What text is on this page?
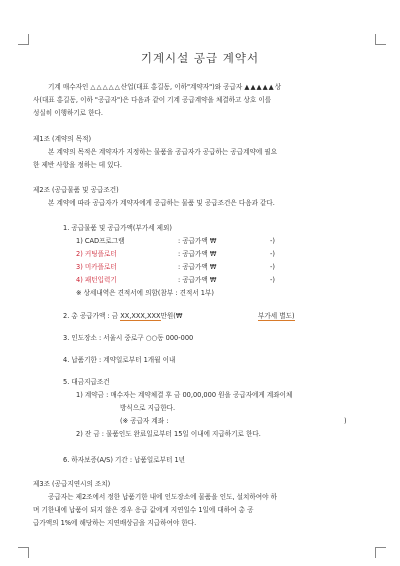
기계시설 공급 계약서
기계 매수자인 △△△△△산업(대표 홍길동, 이하"계약자")와 공급자 ▲▲▲▲▲상
사(대표 홍길동, 이하 "공급자")은 다음과 같이 기계 공급계약을 체결하고 상호 이를
성실히 이행하기로 한다.
제1조 (계약의 목적)
본 계약의 목적은 계약자가 지정하는 물품을 공급자가 공급하는 공급계약에 필요
한 제반 사항을 정하는 데 있다.
제2조 (공급물품 및 공급조건)
본 계약에 따라 공급자가 계약자에게 공급하는 물품 및 공급조건은 다음과 같다.
1. 공급물품 및 공급가액(부가세 제외)
1) CAD프로그램	: 공급가액 ₩	-)
2) 커팅플로터	: 공급가액 ₩	-)
3) 미카플로터	: 공급가액 ₩	-)
4) 패턴입력기	: 공급가액 ₩	-)
※ 상세내역은 견적서에 의함(참부 : 견적서 1부)
2. 총 공급가액 : 금 XX,XXX,XXX만원(₩	부가세 별도)
3. 인도장소 : 서울시 중로구 ○○동 000-000
4. 납품기한 : 계약일로부터 1개월 이내
5. 대금지급조건
1) 계약금 : 매수자는 계약체결 후 금 00,00,000 원을 공급자에게 계좌이체
방식으로 지급한다.
(※ 공급자 계좌 :	)
2) 잔 금 : 물품인도 완료일로부터 15일 이내에 지급하기로 한다.
6. 하자보증(A/S) 기간 : 납품일로부터 1년
제3조 (공급지연시의 조치)
공급자는 제2조에서 정한 납품기한 내에 인도장소에 물품을 인도, 설치하여야 하
며 기한내에 납품이 되지 않은 경우 응급 값에게 지연일수 1일에 대하여 총 공
급가액의 1%에 해당하는 지연배상금을 지급하여야 한다.
